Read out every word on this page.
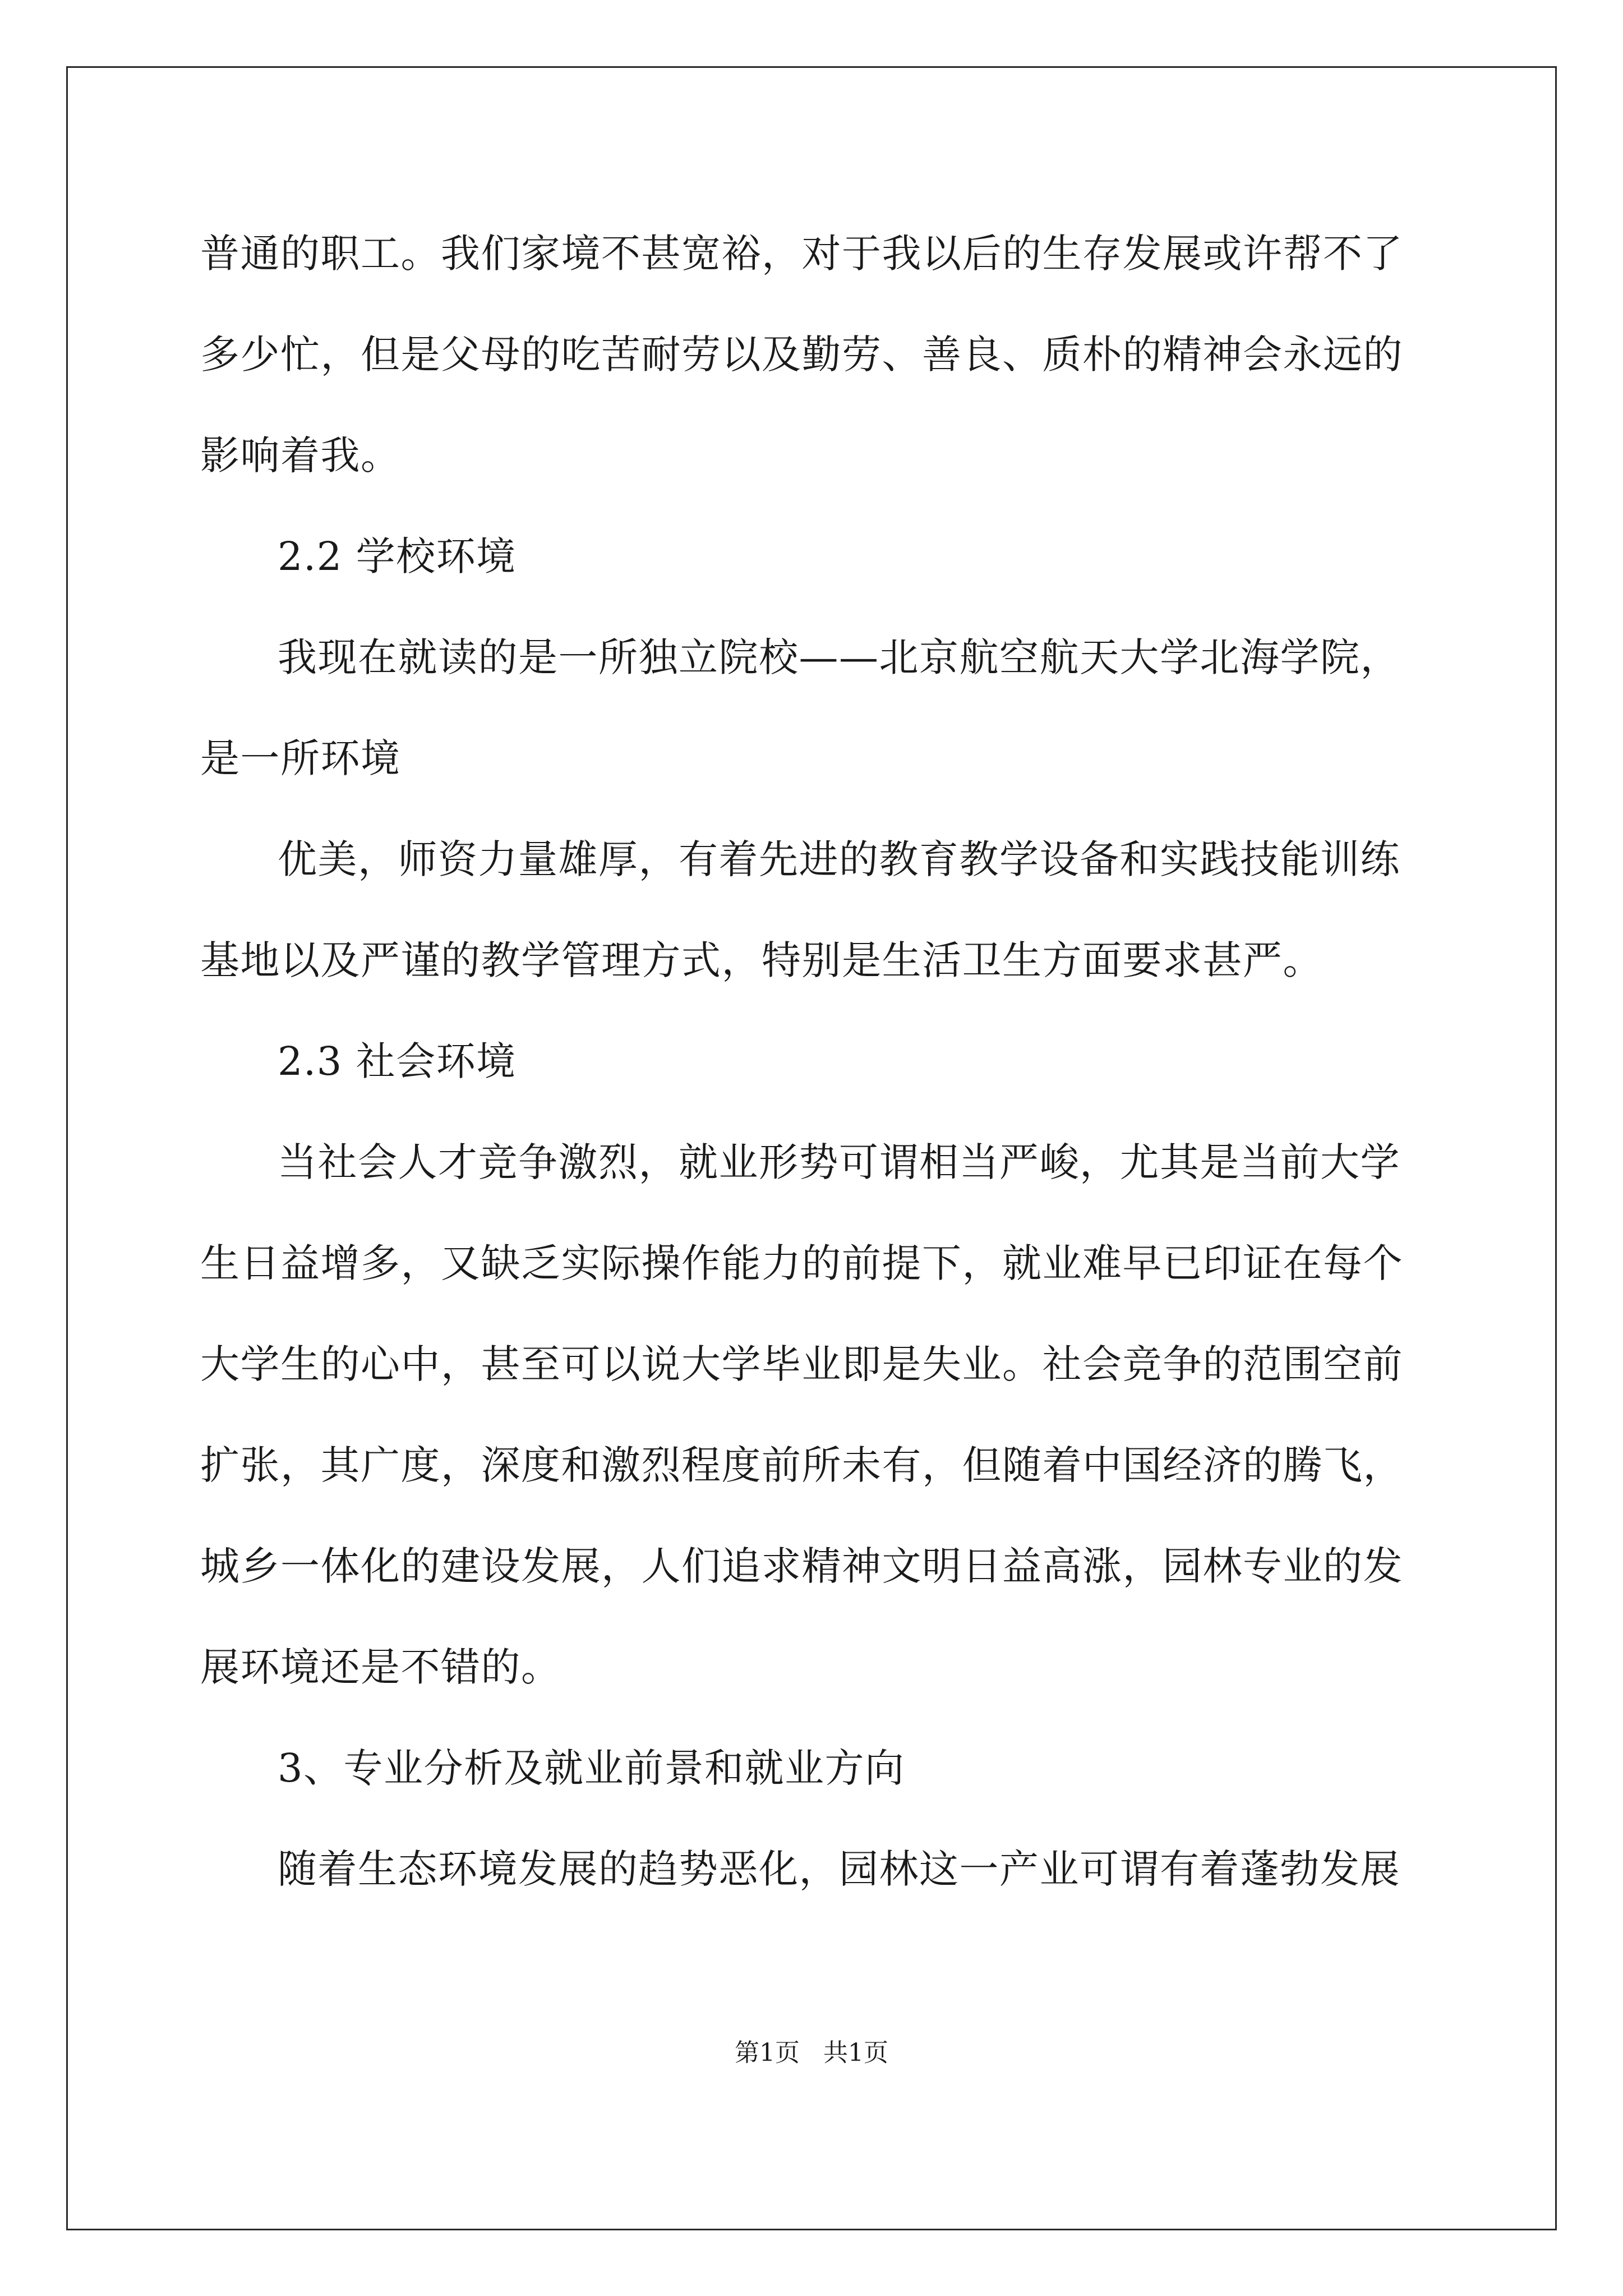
普通的职工。我们家境不甚宽裕，对于我以后的生存发展或许帮不了
多少忙，但是父母的吃苦耐劳以及勤劳、善良、质朴的精神会永远的
影响着我。
2.2 学校环境
我现在就读的是一所独立院校——北京航空航天大学北海学院，
是一所环境
优美，师资力量雄厚，有着先进的教育教学设备和实践技能训练
基地以及严谨的教学管理方式，特别是生活卫生方面要求甚严。
2.3 社会环境
当社会人才竞争激烈，就业形势可谓相当严峻，尤其是当前大学
生日益增多，又缺乏实际操作能力的前提下，就业难早已印证在每个
大学生的心中，甚至可以说大学毕业即是失业。社会竞争的范围空前
扩张，其广度，深度和激烈程度前所未有，但随着中国经济的腾飞，
城乡一体化的建设发展，人们追求精神文明日益高涨，园林专业的发
展环境还是不错的。
3、专业分析及就业前景和就业方向
随着生态环境发展的趋势恶化，园林这一产业可谓有着蓬勃发展
第1页   共1页
